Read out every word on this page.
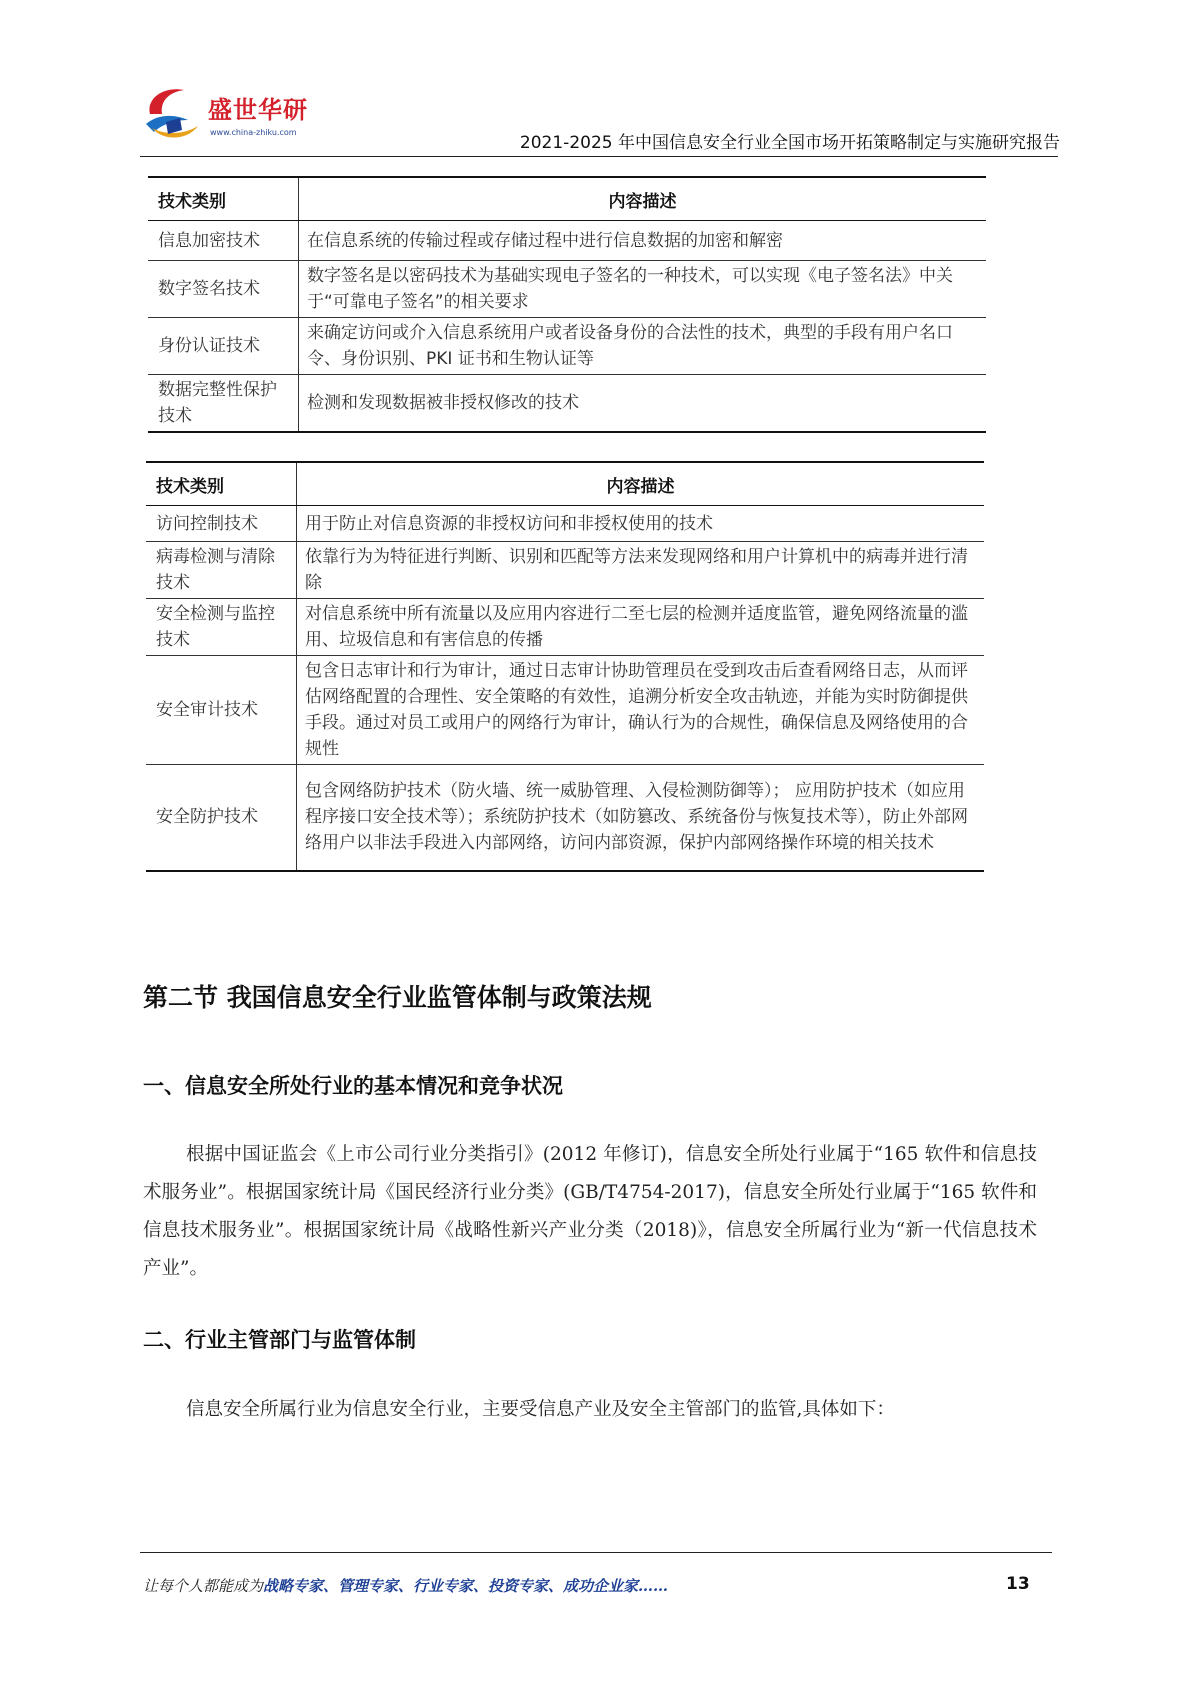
盛世华研
www.china-zhiku.com
2021-2025 年中国信息安全行业全国市场开拓策略制定与实施研究报告
技术类别	内容描述
信息加密技术	在信息系统的传输过程或存储过程中进行信息数据的加密和解密
数字签名技术	数字签名是以密码技术为基础实现电子签名的一种技术，可以实现《电子签名法》中关于“可靠电子签名”的相关要求
身份认证技术	来确定访问或介入信息系统用户或者设备身份的合法性的技术，典型的手段有用户名口令、身份识别、PKI 证书和生物认证等
数据完整性保护技术	检测和发现数据被非授权修改的技术
技术类别	内容描述
访问控制技术	用于防止对信息资源的非授权访问和非授权使用的技术
病毒检测与清除技术	依靠行为为特征进行判断、识别和匹配等方法来发现网络和用户计算机中的病毒并进行清除
安全检测与监控技术	对信息系统中所有流量以及应用内容进行二至七层的检测并适度监管，避免网络流量的滥用、垃圾信息和有害信息的传播
安全审计技术	包含日志审计和行为审计，通过日志审计协助管理员在受到攻击后查看网络日志，从而评估网络配置的合理性、安全策略的有效性，追溯分析安全攻击轨迹，并能为实时防御提供手段。通过对员工或用户的网络行为审计，确认行为的合规性，确保信息及网络使用的合规性
安全防护技术	包含网络防护技术（防火墙、统一威胁管理、入侵检测防御等）； 应用防护技术（如应用程序接口安全技术等）；系统防护技术（如防篡改、系统备份与恢复技术等），防止外部网络用户以非法手段进入内部网络，访问内部资源，保护内部网络操作环境的相关技术
第二节 我国信息安全行业监管体制与政策法规
一、信息安全所处行业的基本情况和竞争状况
根据中国证监会《上市公司行业分类指引》(2012 年修订)，信息安全所处行业属于“165 软件和信息技术服务业”。根据国家统计局《国民经济行业分类》(GB/T4754-2017)，信息安全所处行业属于“165 软件和信息技术服务业”。根据国家统计局《战略性新兴产业分类（2018)》，信息安全所属行业为“新一代信息技术产业”。
二、行业主管部门与监管体制
信息安全所属行业为信息安全行业，主要受信息产业及安全主管部门的监管,具体如下：
让每个人都能成为战略专家、管理专家、行业专家、投资专家、成功企业家……	13
